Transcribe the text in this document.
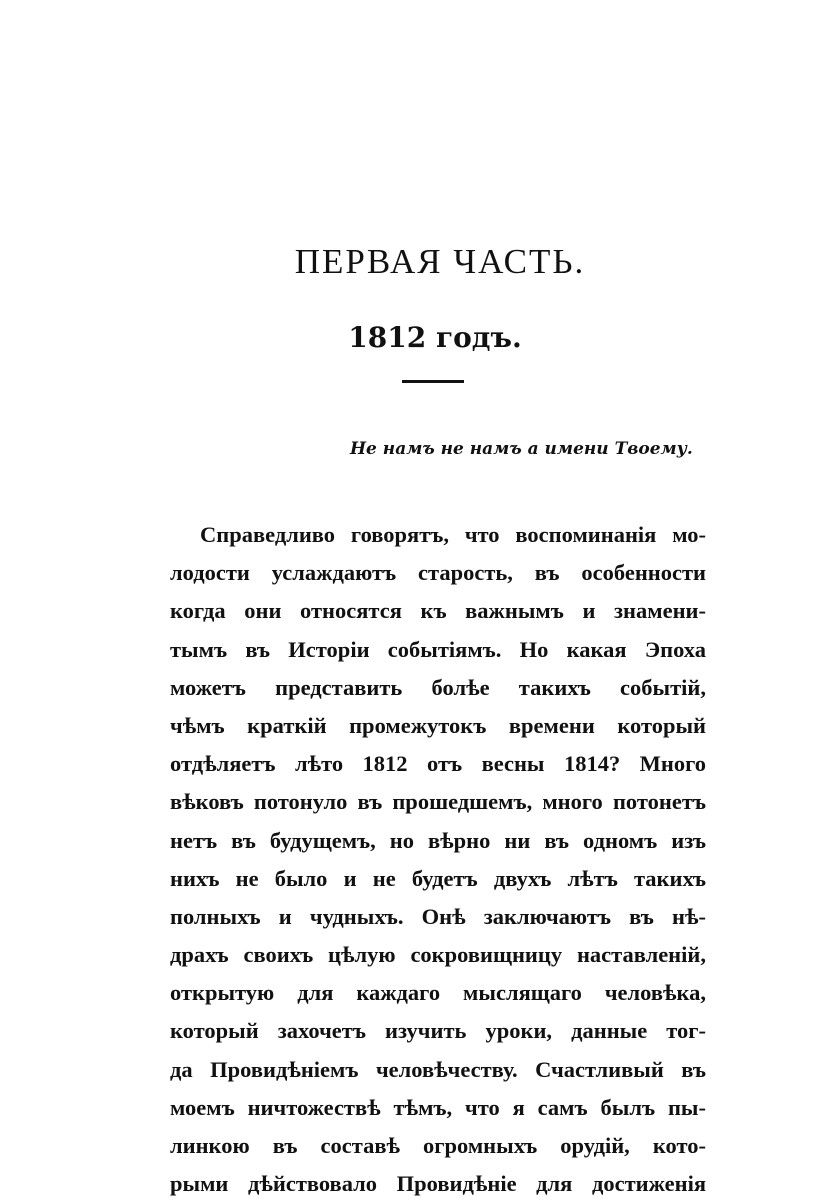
ПЕРВАЯ ЧАСТЬ.
1812 годъ.
Не намъ не намъ а имени Твоему.
Справедливо говорятъ, что воспоминанія мо-
лодости услаждаютъ старость, въ особенности
когда они относятся къ важнымъ и знамени-
тымъ въ Исторіи событіямъ. Но какая Эпоха
можетъ представить болѣе такихъ событій,
чѣмъ краткій промежутокъ времени который
отдѣляетъ лѣто 1812 отъ весны 1814? Много
вѣковъ потонуло въ прошедшемъ, много потонетъ
нетъ въ будущемъ, но вѣрно ни въ одномъ изъ
нихъ не было и не будетъ двухъ лѣтъ такихъ
полныхъ и чудныхъ. Онѣ заключаютъ въ нѣ-
драхъ своихъ цѣлую сокровищницу наставленій,
открытую для каждаго мыслящаго человѣка,
который захочетъ изучить уроки, данные тог-
да Провидѣніемъ человѣчеству. Счастливый въ
моемъ ничтожествѣ тѣмъ, что я самъ былъ пы-
линкою въ составѣ огромныхъ орудій, кото-
рыми дѣйствовало Провидѣніе для достиженія
